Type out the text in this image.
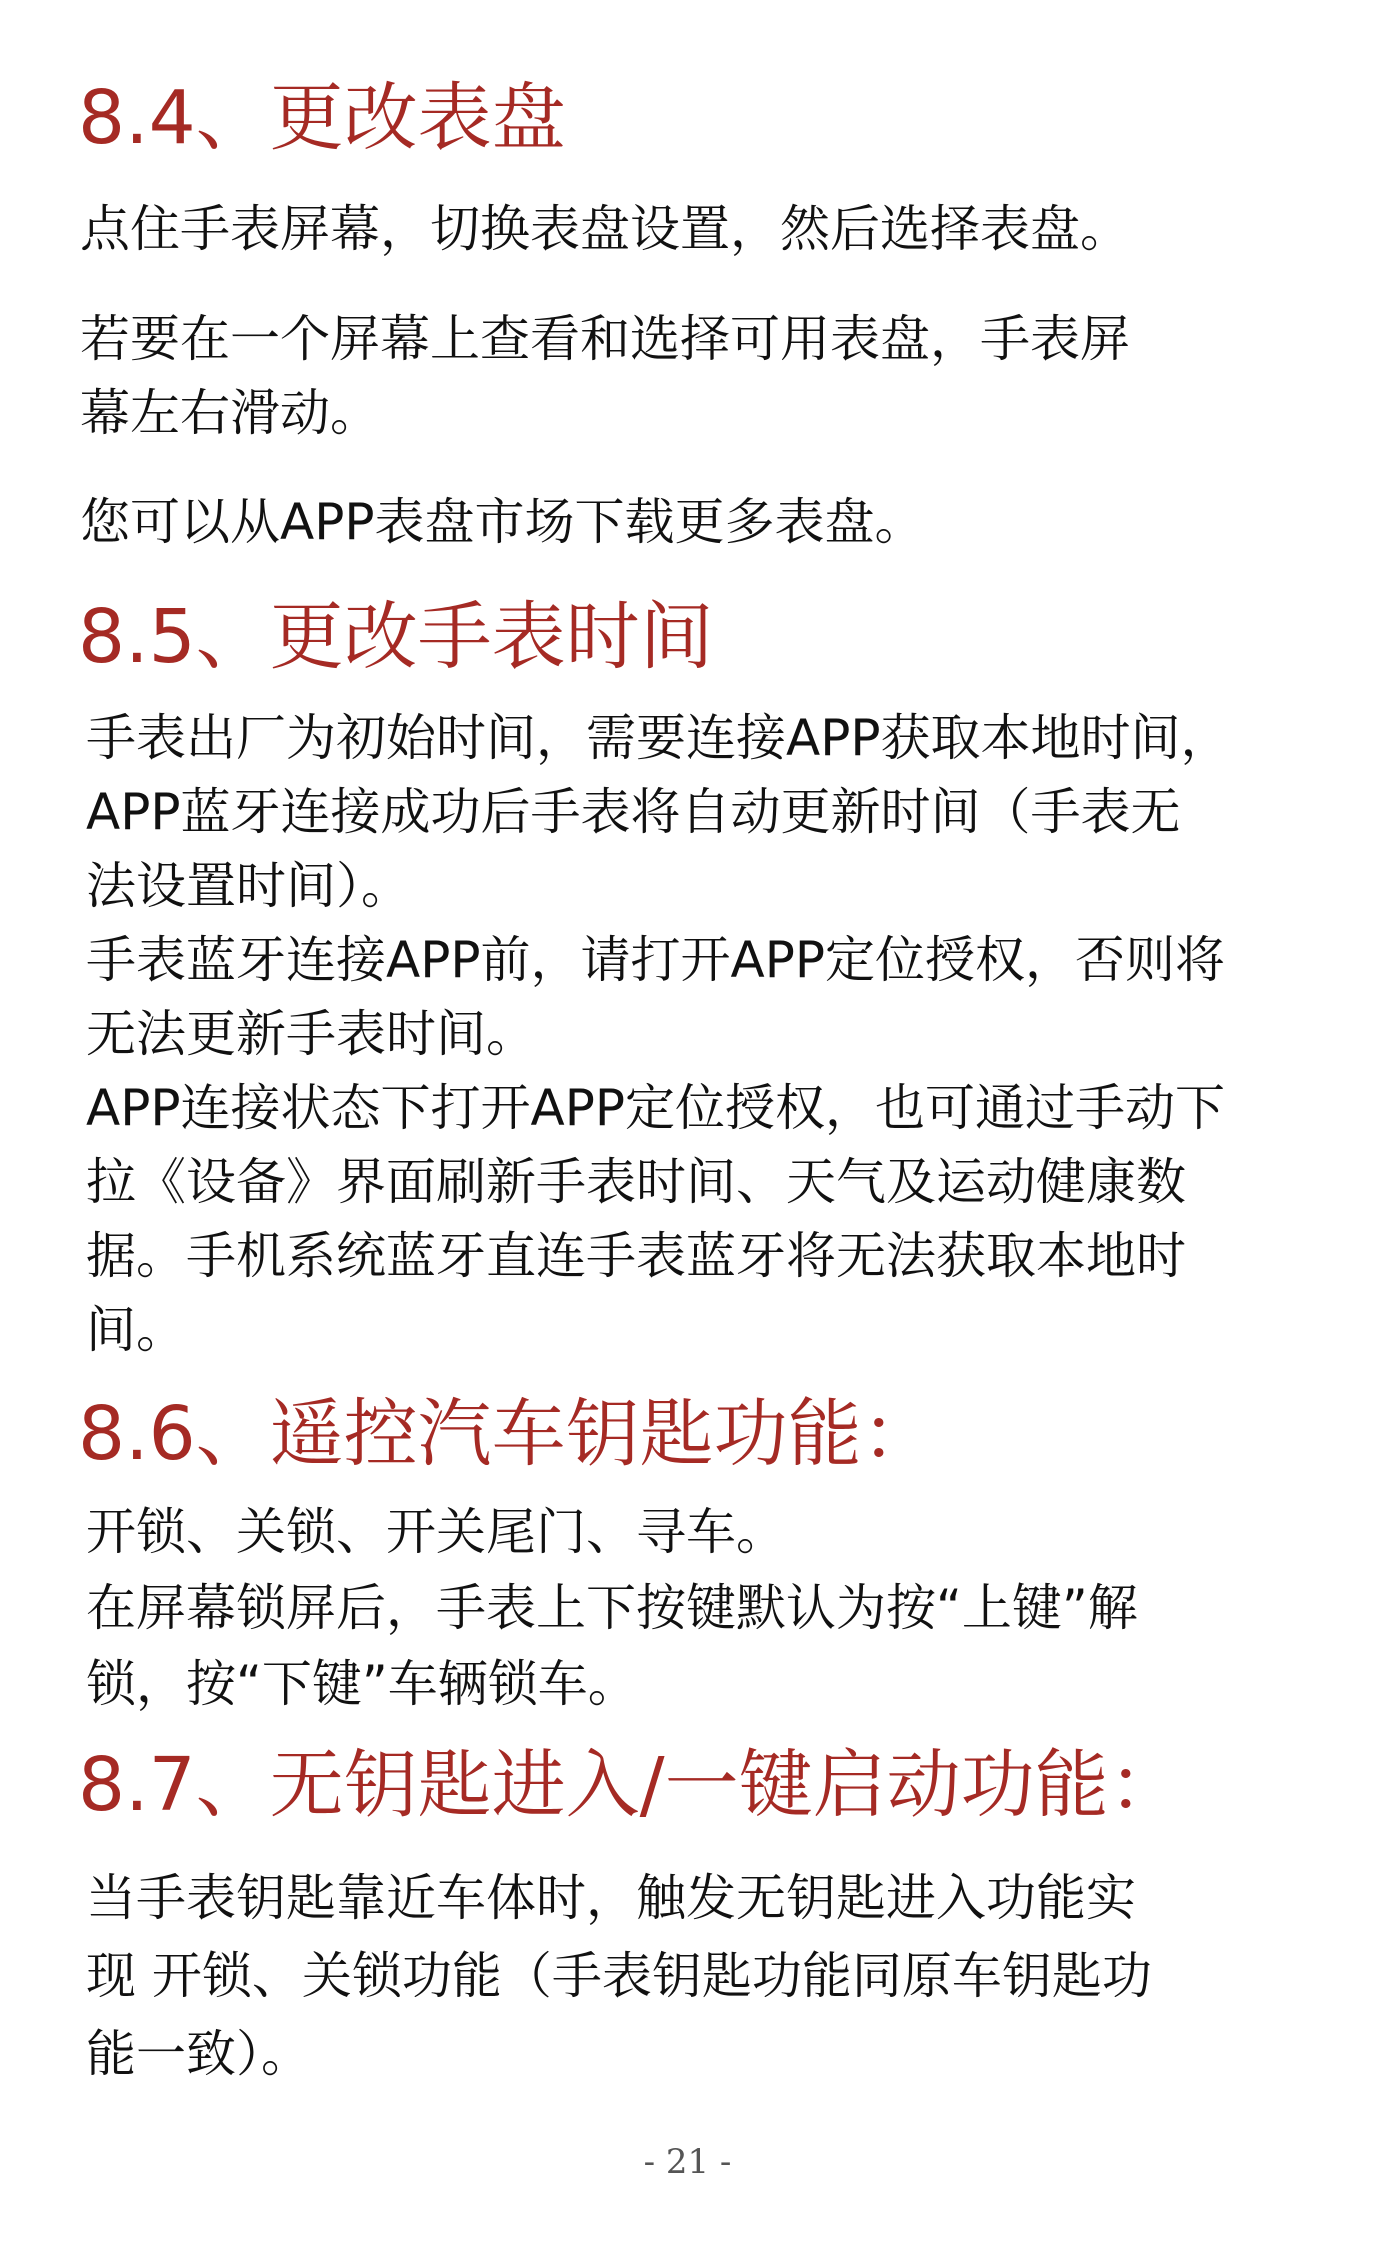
8.4、更改表盘

点住手表屏幕，切换表盘设置，然后选择表盘。

若要在一个屏幕上查看和选择可用表盘，手表屏
幕左右滑动。

您可以从APP表盘市场下载更多表盘。

8.5、更改手表时间

手表出厂为初始时间，需要连接APP获取本地时间，
APP蓝牙连接成功后手表将自动更新时间（手表无
法设置时间）。
手表蓝牙连接APP前，请打开APP定位授权，否则将
无法更新手表时间。
APP连接状态下打开APP定位授权，也可通过手动下
拉《设备》界面刷新手表时间、天气及运动健康数
据。手机系统蓝牙直连手表蓝牙将无法获取本地时
间。

8.6、遥控汽车钥匙功能：

开锁、关锁、开关尾门、寻车。
在屏幕锁屏后，手表上下按键默认为按“上键”解
锁，按“下键”车辆锁车。

8.7、无钥匙进入/一键启动功能：

当手表钥匙靠近车体时，触发无钥匙进入功能实
现 开锁、关锁功能（手表钥匙功能同原车钥匙功
能一致）。

- 21 -
